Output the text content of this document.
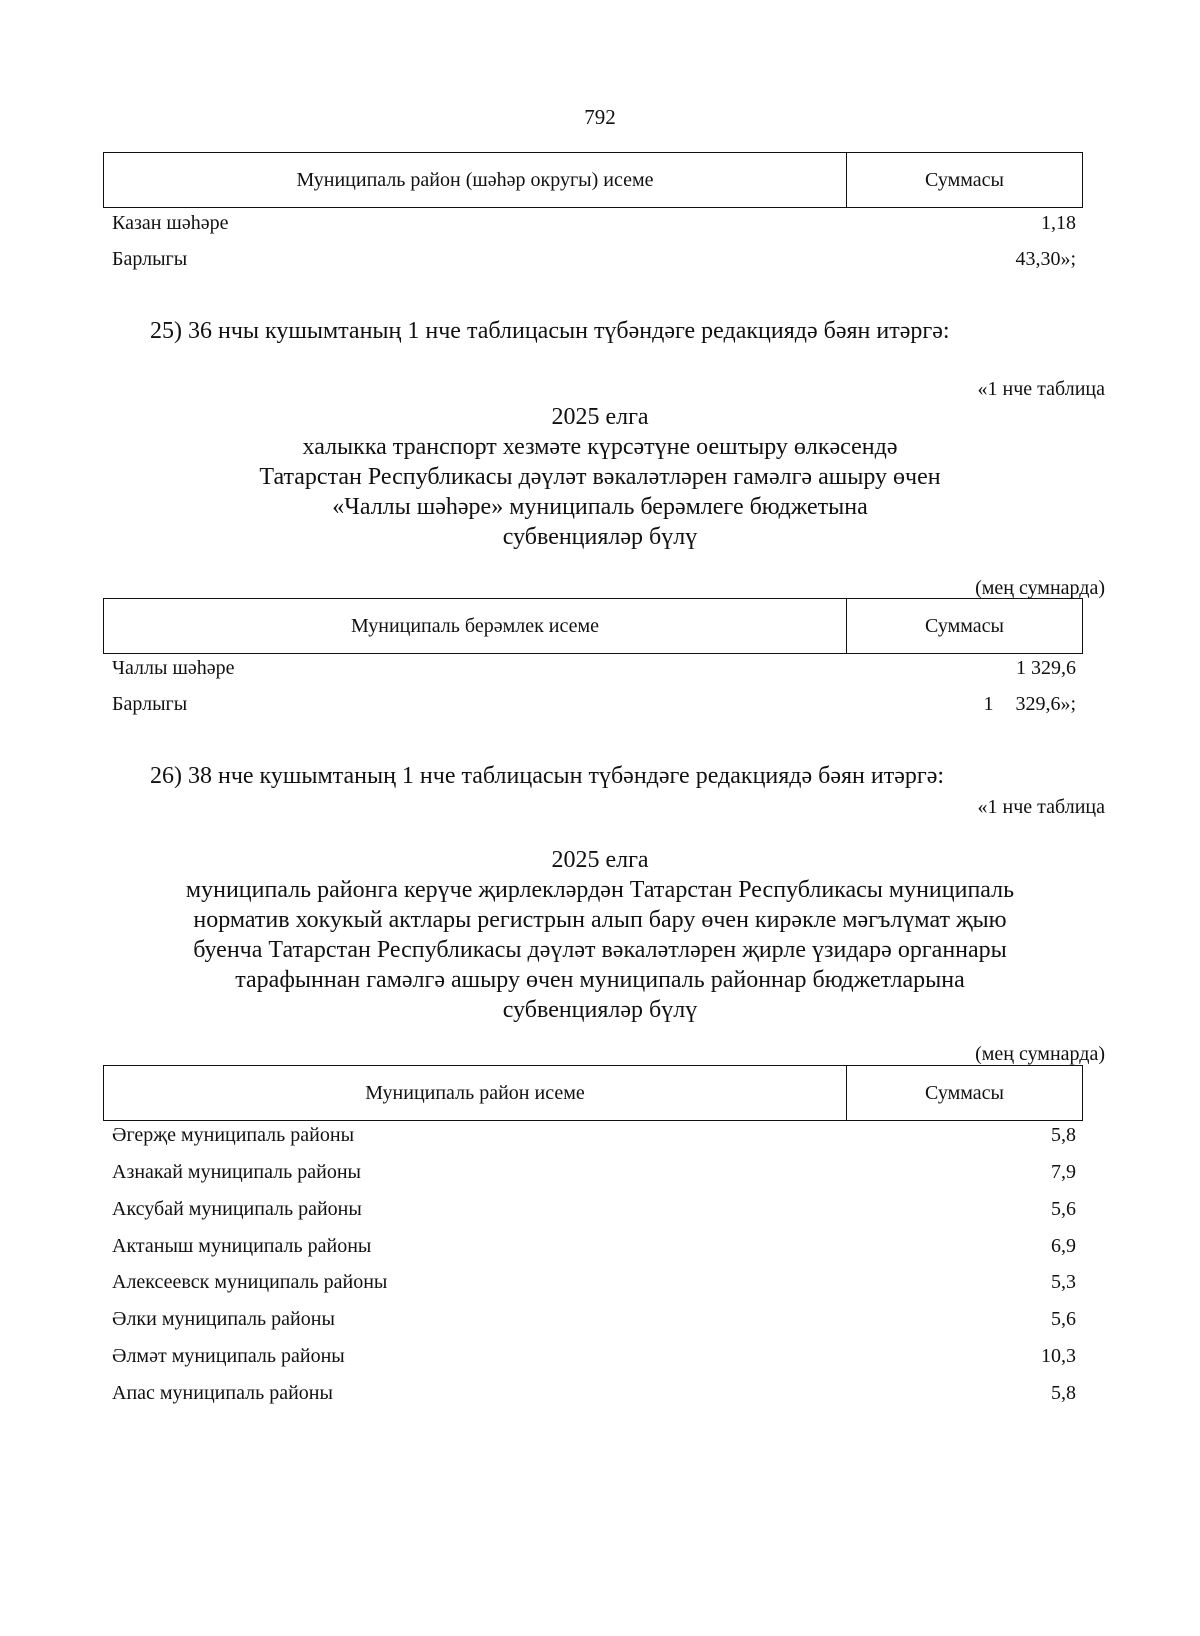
792
Муниципаль район (шәһәр округы) исеме	Суммасы
Казан шәһәре	1,18
Барлыгы	43,30»;
25) 36 нчы кушымтаның 1 нче таблицасын түбәндәге редакциядә бәян итәргә:
«1 нче таблица
2025 елга
халыкка транспорт хезмәте күрсәтүне оештыру өлкәсендә
Татарстан Республикасы дәүләт вәкаләтләрен гамәлгә ашыру өчен
«Чаллы шәһәре» муниципаль берәмлеге бюджетына
субвенцияләр бүлү
(мең сумнарда)
Муниципаль берәмлек исеме	Суммасы
Чаллы шәһәре	1 329,6
Барлыгы	1 329,6»;
26) 38 нче кушымтаның 1 нче таблицасын түбәндәге редакциядә бәян итәргә:
«1 нче таблица
2025 елга
муниципаль районга керүче җирлекләрдән Татарстан Республикасы муниципаль
норматив хокукый актлары регистрын алып бару өчен кирәкле мәгълүмат җыю
буенча Татарстан Республикасы дәүләт вәкаләтләрен җирле үзидарә органнары
тарафыннан гамәлгә ашыру өчен муниципаль районнар бюджетларына
субвенцияләр бүлү
(мең сумнарда)
Муниципаль район исеме	Суммасы
Әгерҗе муниципаль районы	5,8
Азнакай муниципаль районы	7,9
Аксубай муниципаль районы	5,6
Актаныш муниципаль районы	6,9
Алексеевск муниципаль районы	5,3
Әлки муниципаль районы	5,6
Әлмәт муниципаль районы	10,3
Апас муниципаль районы	5,8
